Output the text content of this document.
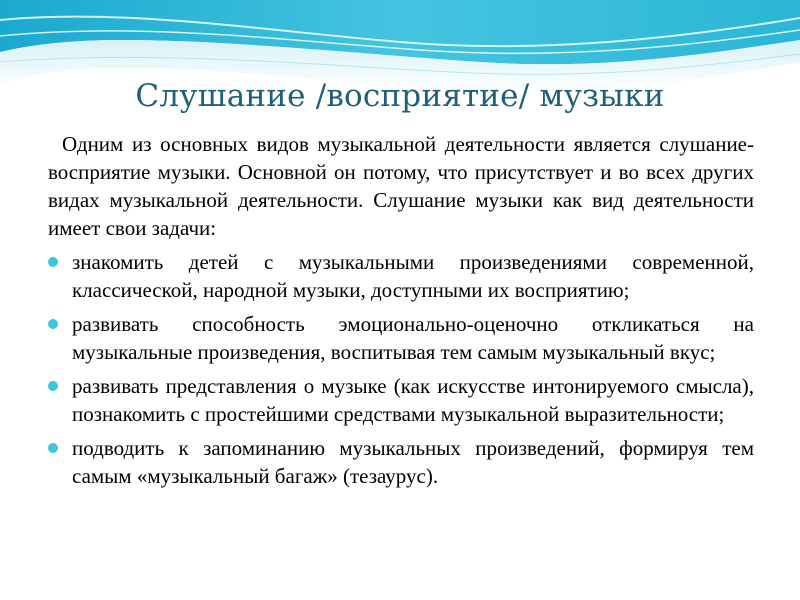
Слушание /восприятие/ музыки

Одним из основных видов музыкальной деятельности является слушание-восприятие музыки. Основной он потому, что присутствует и во всех других видах музыкальной деятельности. Слушание музыки как вид деятельности имеет свои задачи:

знакомить детей с музыкальными произведениями современной, классической, народной музыки, доступными их восприятию;
развивать способность эмоционально-оценочно откликаться на музыкальные произведения, воспитывая тем самым музыкальный вкус;
развивать представления о музыке (как искусстве интонируемого смысла), познакомить с простейшими средствами музыкальной выразительности;
подводить к запоминанию музыкальных произведений, формируя тем самым «музыкальный багаж» (тезаурус).
